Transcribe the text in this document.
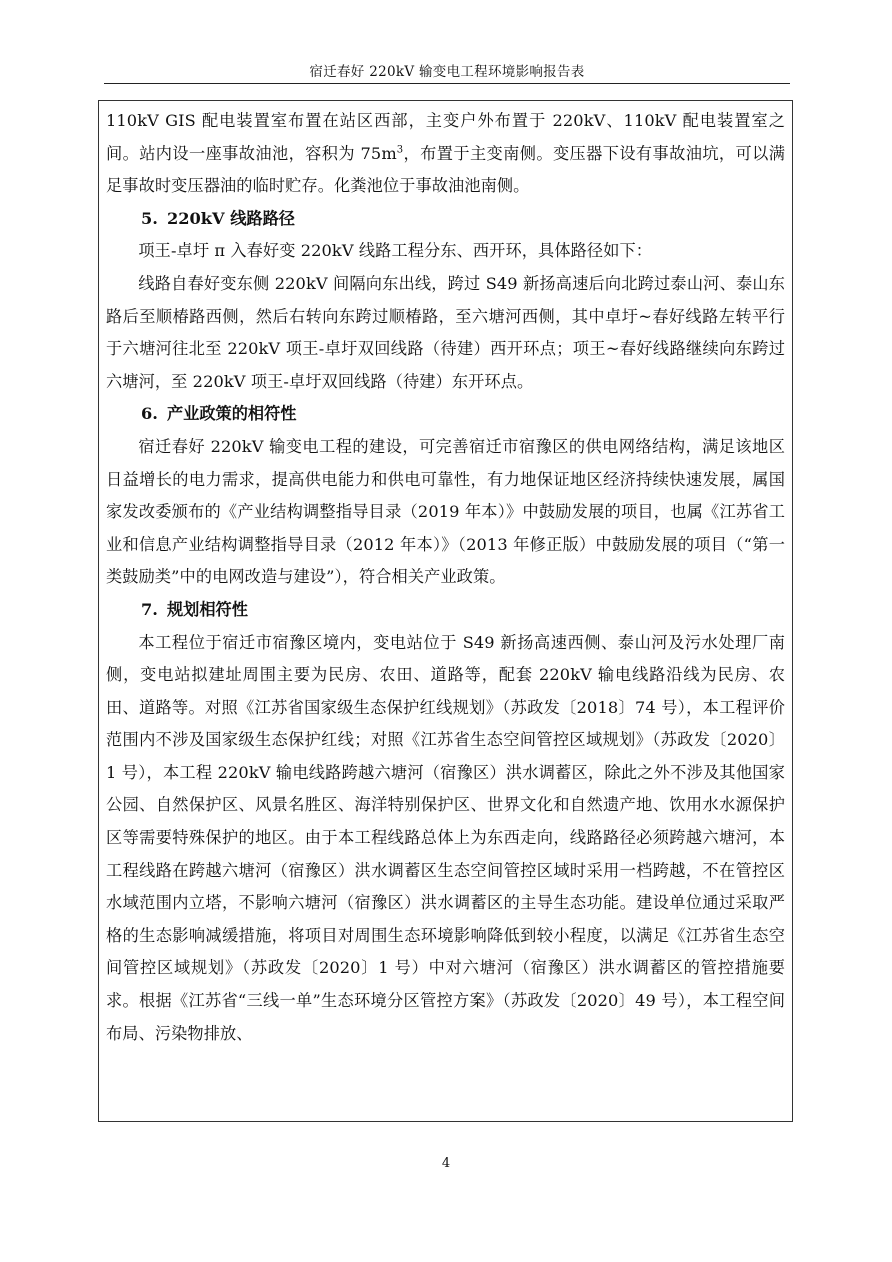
宿迁春好 220kV 输变电工程环境影响报告表

110kV GIS 配电装置室布置在站区西部，主变户外布置于 220kV、110kV 配电装置室之间。站内设一座事故油池，容积为 $75m^3$，布置于主变南侧。变压器下设有事故油坑，可以满足事故时变压器油的临时贮存。化粪池位于事故油池南侧。

5. 220kV 线路路径

项王-卓圩 π 入春好变 220kV 线路工程分东、西开环，具体路径如下：

线路自春好变东侧 220kV 间隔向东出线，跨过 S49 新扬高速后向北跨过泰山河、泰山东路后至顺椿路西侧，然后右转向东跨过顺椿路，至六塘河西侧，其中卓圩~春好线路左转平行于六塘河往北至 220kV 项王-卓圩双回线路（待建）西开环点；项王~春好线路继续向东跨过六塘河，至 220kV 项王-卓圩双回线路（待建）东开环点。

6. 产业政策的相符性

宿迁春好 220kV 输变电工程的建设，可完善宿迁市宿豫区的供电网络结构，满足该地区日益增长的电力需求，提高供电能力和供电可靠性，有力地保证地区经济持续快速发展，属国家发改委颁布的《产业结构调整指导目录（2019 年本）》中鼓励发展的项目，也属《江苏省工业和信息产业结构调整指导目录（2012 年本）》（2013 年修正版）中鼓励发展的项目（“第一类鼓励类”中的电网改造与建设”），符合相关产业政策。

7. 规划相符性

本工程位于宿迁市宿豫区境内，变电站位于 S49 新扬高速西侧、泰山河及污水处理厂南侧，变电站拟建址周围主要为民房、农田、道路等，配套 220kV 输电线路沿线为民房、农田、道路等。对照《江苏省国家级生态保护红线规划》（苏政发〔2018〕74 号），本工程评价范围内不涉及国家级生态保护红线；对照《江苏省生态空间管控区域规划》（苏政发〔2020〕1 号），本工程 220kV 输电线路跨越六塘河（宿豫区）洪水调蓄区，除此之外不涉及其他国家公园、自然保护区、风景名胜区、海洋特别保护区、世界文化和自然遗产地、饮用水水源保护区等需要特殊保护的地区。由于本工程线路总体上为东西走向，线路路径必须跨越六塘河，本工程线路在跨越六塘河（宿豫区）洪水调蓄区生态空间管控区域时采用一档跨越，不在管控区水域范围内立塔，不影响六塘河（宿豫区）洪水调蓄区的主导生态功能。建设单位通过采取严格的生态影响减缓措施，将项目对周围生态环境影响降低到较小程度，以满足《江苏省生态空间管控区域规划》（苏政发〔2020〕1 号）中对六塘河（宿豫区）洪水调蓄区的管控措施要求。根据《江苏省“三线一单”生态环境分区管控方案》（苏政发〔2020〕49 号），本工程空间布局、污染物排放、

4
